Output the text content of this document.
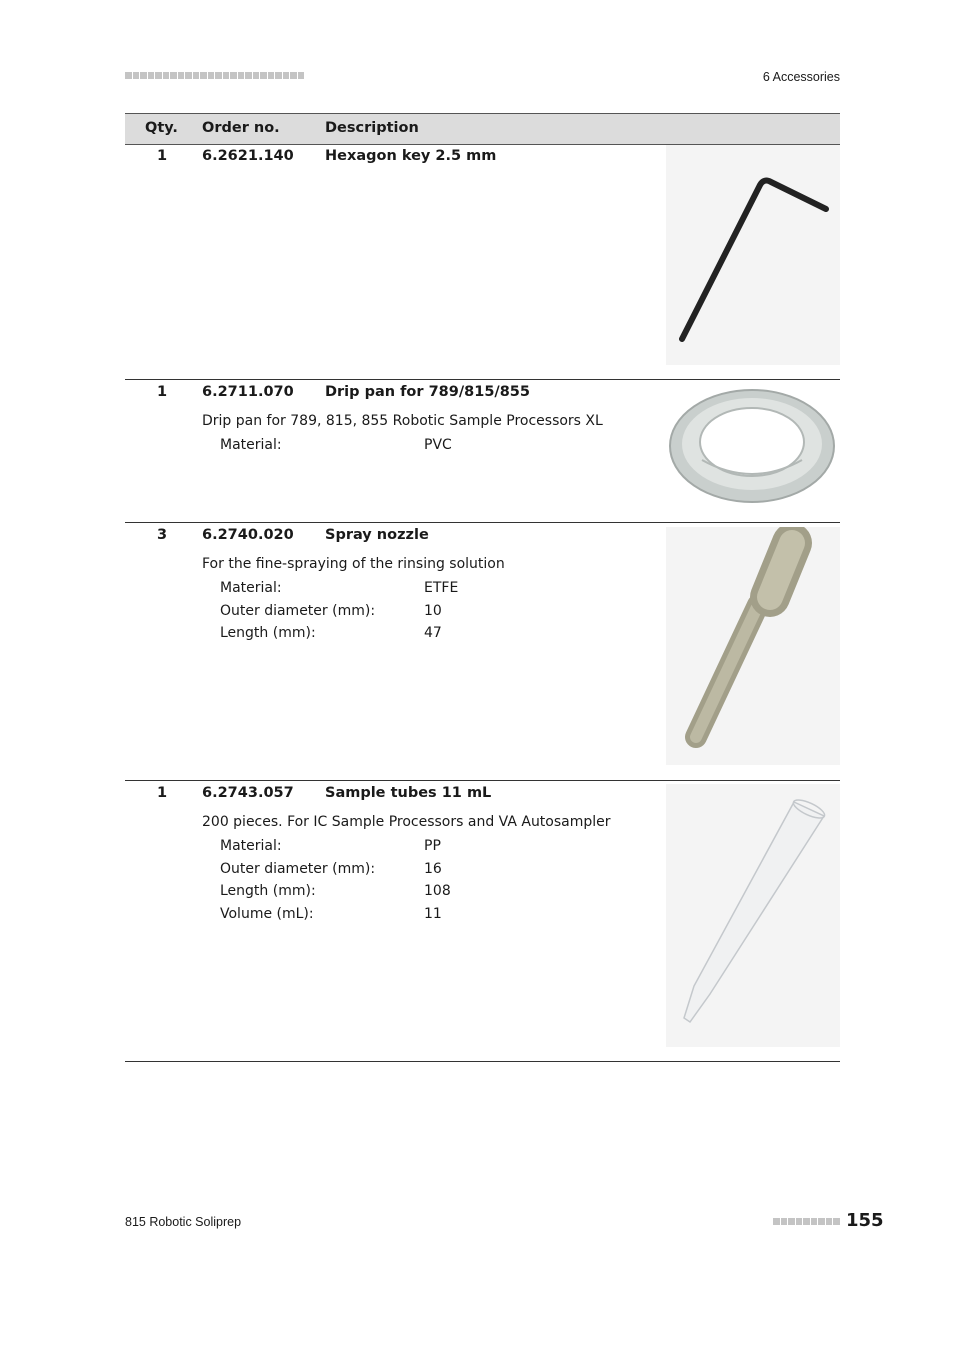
6 Accessories
Qty. Order no.	Description
1 6.2621.140 Hexagon key 2.5 mm
1 6.2711.070 Drip pan for 789/815/855
Drip pan for 789, 815, 855 Robotic Sample Processors XL
Material:	PVC
3 6.2740.020 Spray nozzle
For the fine-spraying of the rinsing solution
Material:	ETFE
Outer diameter (mm):	10
Length (mm):	47
1 6.2743.057 Sample tubes 11 mL
200 pieces. For IC Sample Processors and VA Autosampler
Material:	PP
Outer diameter (mm):	16
Length (mm):	108
Volume (mL):	11
815 Robotic Soliprep	155
